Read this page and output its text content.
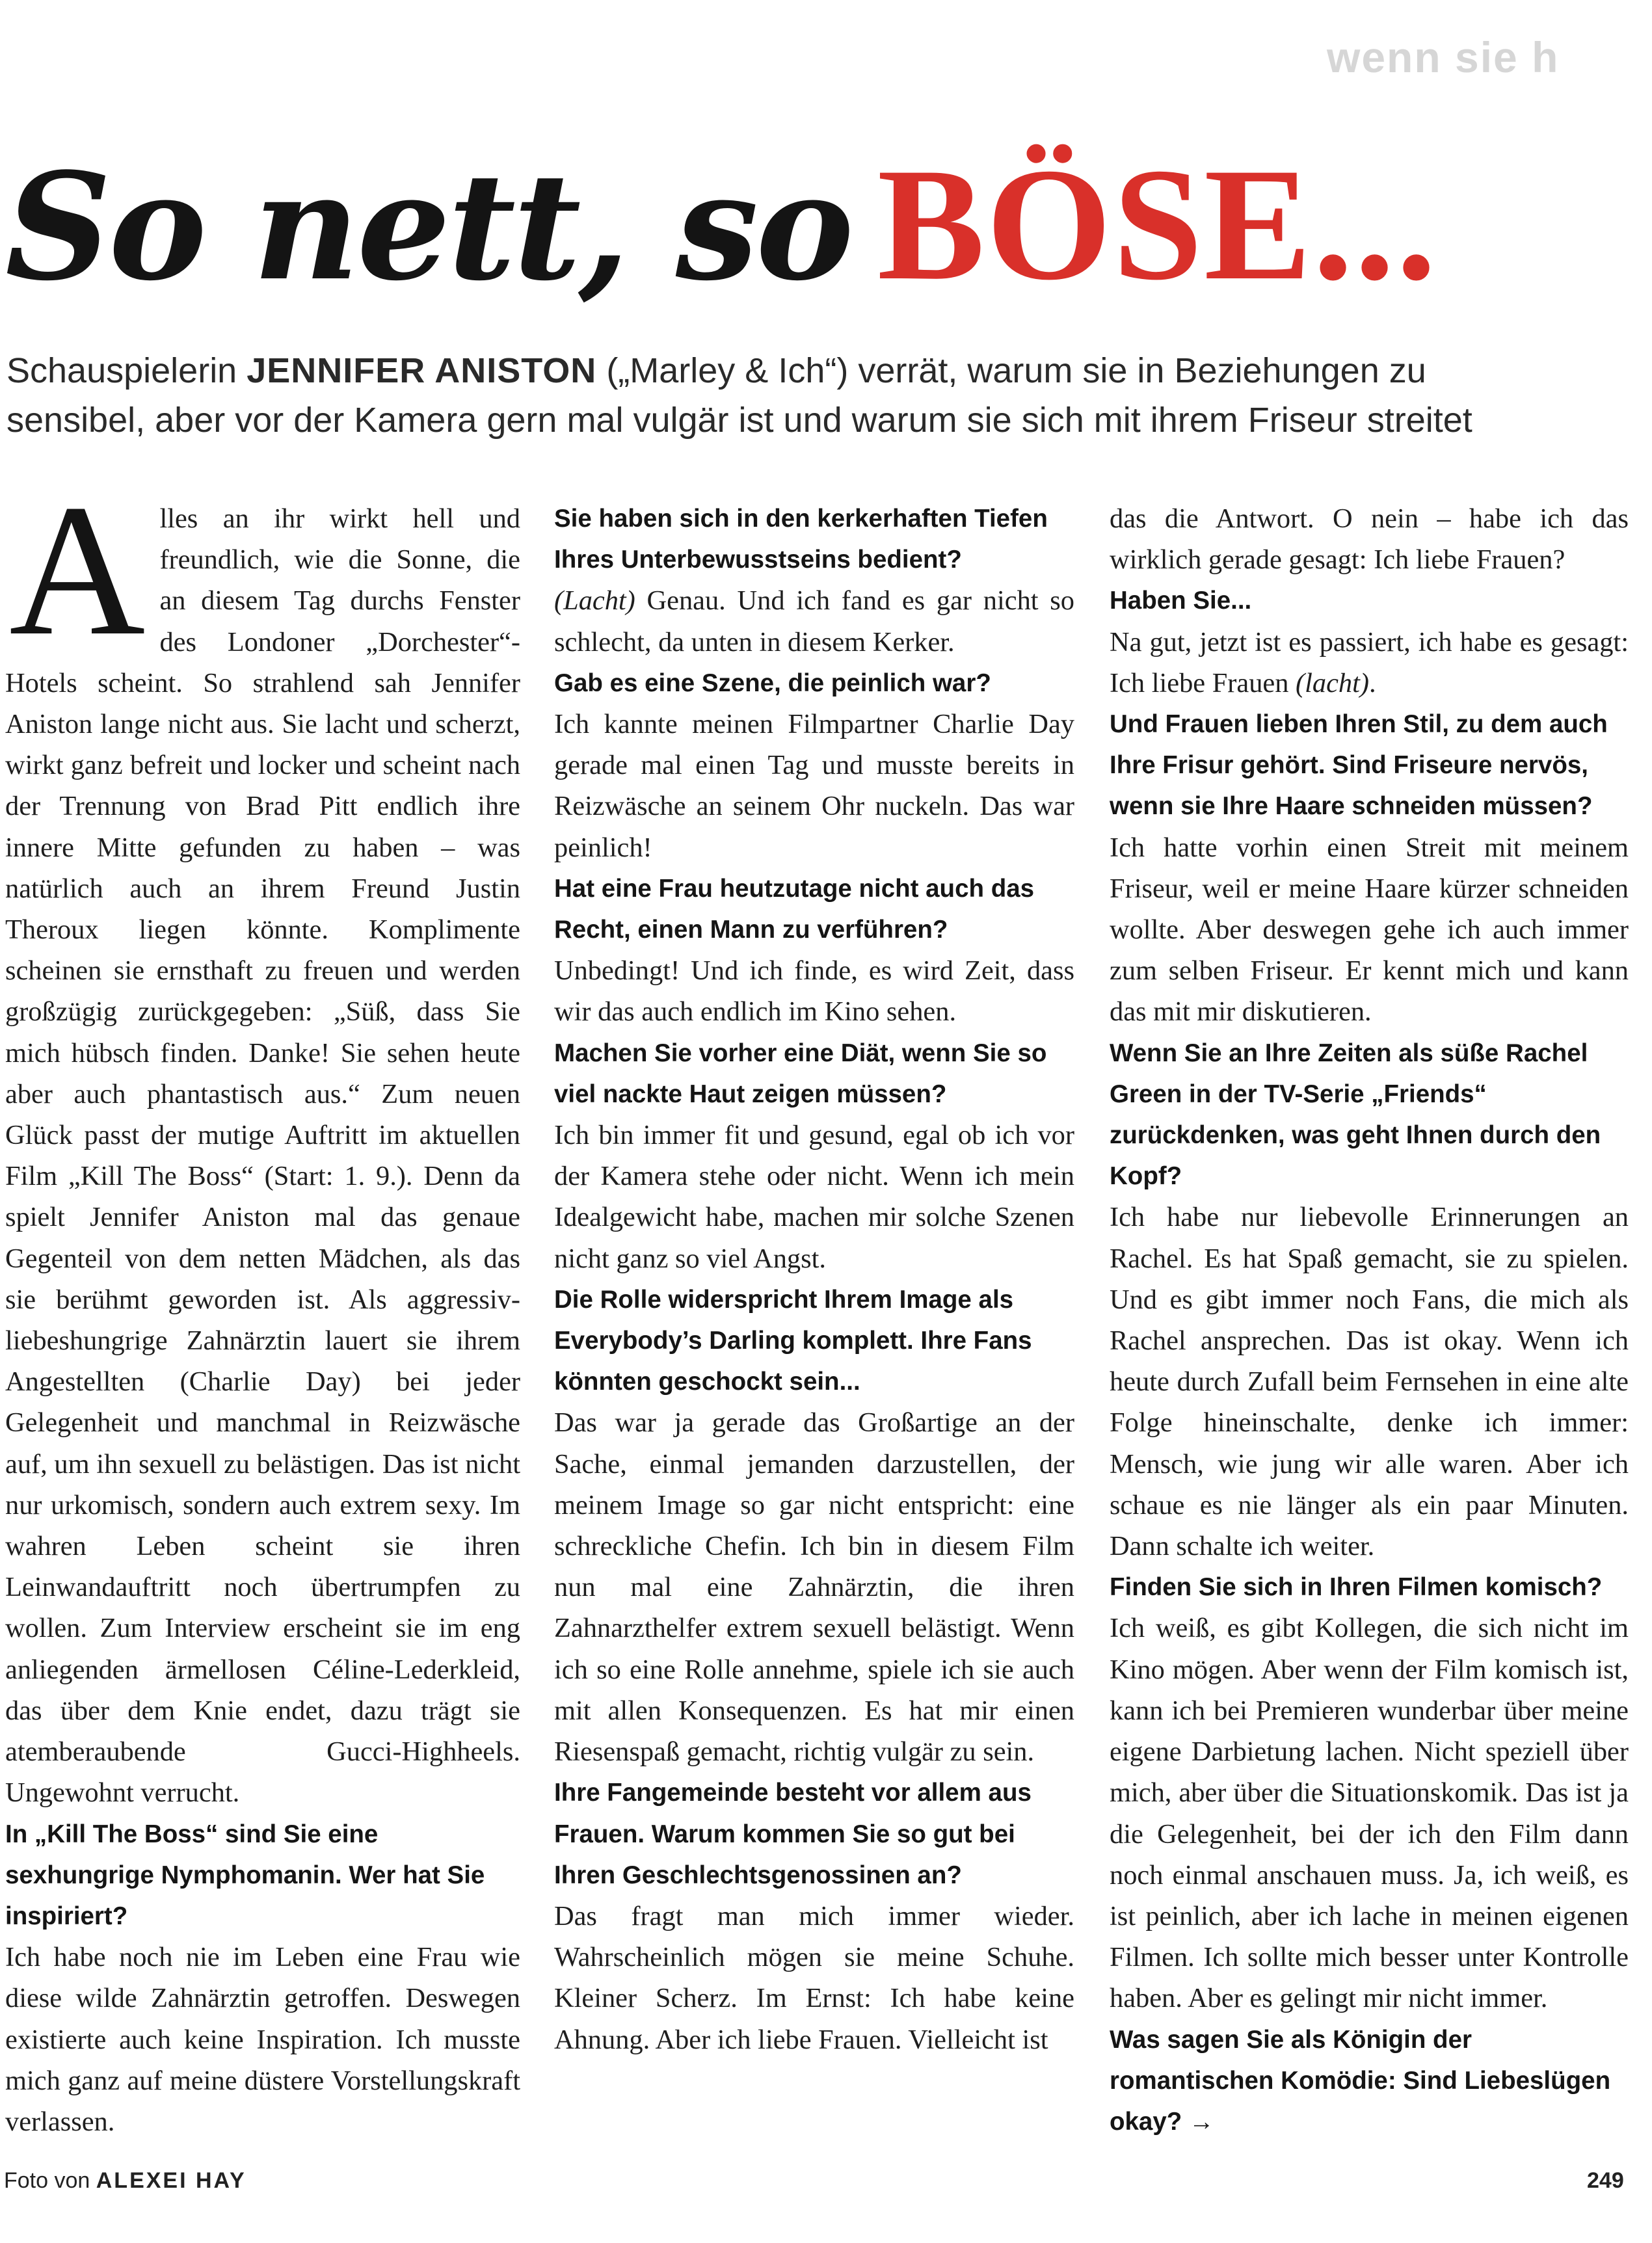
wenn sie h
So nett, so BÖSE...
Schauspielerin JENNIFER ANISTON („Marley & Ich“) verrät, warum sie in Beziehungen zu
sensibel, aber vor der Kamera gern mal vulgär ist und warum sie sich mit ihrem Friseur streitet
A lles an ihr wirkt hell und freundlich, wie die Sonne, die an diesem Tag durchs Fenster des Londoner „Dorchester“-Hotels scheint. So strahlend sah Jennifer Aniston lange nicht aus. Sie lacht und scherzt, wirkt ganz befreit und locker und scheint nach der Trennung von Brad Pitt endlich ihre innere Mitte gefunden zu haben – was natürlich auch an ihrem Freund Justin Theroux liegen könnte. Komplimente scheinen sie ernsthaft zu freuen und werden großzügig zurückgegeben: „Süß, dass Sie mich hübsch finden. Danke! Sie sehen heute aber auch phantastisch aus.“ Zum neuen Glück passt der mutige Auftritt im aktuellen Film „Kill The Boss“ (Start: 1. 9.). Denn da spielt Jennifer Aniston mal das genaue Gegenteil von dem netten Mädchen, als das sie berühmt geworden ist. Als aggressiv-liebeshungrige Zahnärztin lauert sie ihrem Angestellten (Charlie Day) bei jeder Gelegenheit und manchmal in Reizwäsche auf, um ihn sexuell zu belästigen. Das ist nicht nur urkomisch, sondern auch extrem sexy. Im wahren Leben scheint sie ihren Leinwandauftritt noch übertrumpfen zu wollen. Zum Interview erscheint sie im eng anliegenden ärmellosen Céline-Lederkleid, das über dem Knie endet, dazu trägt sie atemberaubende Gucci-Highheels. Ungewohnt verrucht.

In „Kill The Boss“ sind Sie eine sexhungrige Nymphomanin. Wer hat Sie inspiriert?

Ich habe noch nie im Leben eine Frau wie diese wilde Zahnärztin getroffen. Deswegen existierte auch keine Inspiration. Ich musste mich ganz auf meine düstere Vorstellungskraft verlassen.

Sie haben sich in den kerkerhaften Tiefen Ihres Unterbewusstseins bedient?

(Lacht) Genau. Und ich fand es gar nicht so schlecht, da unten in diesem Kerker.

Gab es eine Szene, die peinlich war?

Ich kannte meinen Filmpartner Charlie Day gerade mal einen Tag und musste bereits in Reizwäsche an seinem Ohr nuckeln. Das war peinlich!

Hat eine Frau heutzutage nicht auch das Recht, einen Mann zu verführen?

Unbedingt! Und ich finde, es wird Zeit, dass wir das auch endlich im Kino sehen.

Machen Sie vorher eine Diät, wenn Sie so viel nackte Haut zeigen müssen?

Ich bin immer fit und gesund, egal ob ich vor der Kamera stehe oder nicht. Wenn ich mein Idealgewicht habe, machen mir solche Szenen nicht ganz so viel Angst.

Die Rolle widerspricht Ihrem Image als Everybody’s Darling komplett. Ihre Fans könnten geschockt sein...

Das war ja gerade das Großartige an der Sache, einmal jemanden darzustellen, der meinem Image so gar nicht entspricht: eine schreckliche Chefin. Ich bin in diesem Film nun mal eine Zahnärztin, die ihren Zahnarzthelfer extrem sexuell belästigt. Wenn ich so eine Rolle annehme, spiele ich sie auch mit allen Konsequenzen. Es hat mir einen Riesenspaß gemacht, richtig vulgär zu sein.

Ihre Fangemeinde besteht vor allem aus Frauen. Warum kommen Sie so gut bei Ihren Geschlechtsgenossinen an?

Das fragt man mich immer wieder. Wahrscheinlich mögen sie meine Schuhe. Kleiner Scherz. Im Ernst: Ich habe keine Ahnung. Aber ich liebe Frauen. Vielleicht ist

das die Antwort. O nein – habe ich das wirklich gerade gesagt: Ich liebe Frauen?

Haben Sie...

Na gut, jetzt ist es passiert, ich habe es gesagt: Ich liebe Frauen (lacht).

Und Frauen lieben Ihren Stil, zu dem auch Ihre Frisur gehört. Sind Friseure nervös, wenn sie Ihre Haare schneiden müssen?

Ich hatte vorhin einen Streit mit meinem Friseur, weil er meine Haare kürzer schneiden wollte. Aber deswegen gehe ich auch immer zum selben Friseur. Er kennt mich und kann das mit mir diskutieren.

Wenn Sie an Ihre Zeiten als süße Rachel Green in der TV-Serie „Friends“ zurückdenken, was geht Ihnen durch den Kopf?

Ich habe nur liebevolle Erinnerungen an Rachel. Es hat Spaß gemacht, sie zu spielen. Und es gibt immer noch Fans, die mich als Rachel ansprechen. Das ist okay. Wenn ich heute durch Zufall beim Fernsehen in eine alte Folge hineinschalte, denke ich immer: Mensch, wie jung wir alle waren. Aber ich schaue es nie länger als ein paar Minuten. Dann schalte ich weiter.

Finden Sie sich in Ihren Filmen komisch?

Ich weiß, es gibt Kollegen, die sich nicht im Kino mögen. Aber wenn der Film komisch ist, kann ich bei Premieren wunderbar über meine eigene Darbietung lachen. Nicht speziell über mich, aber über die Situationskomik. Das ist ja die Gelegenheit, bei der ich den Film dann noch einmal anschauen muss. Ja, ich weiß, es ist peinlich, aber ich lache in meinen eigenen Filmen. Ich sollte mich besser unter Kontrolle haben. Aber es gelingt mir nicht immer.

Was sagen Sie als Königin der romantischen Komödie: Sind Liebeslügen okay? →

Foto von ALEXEI HAY	249
